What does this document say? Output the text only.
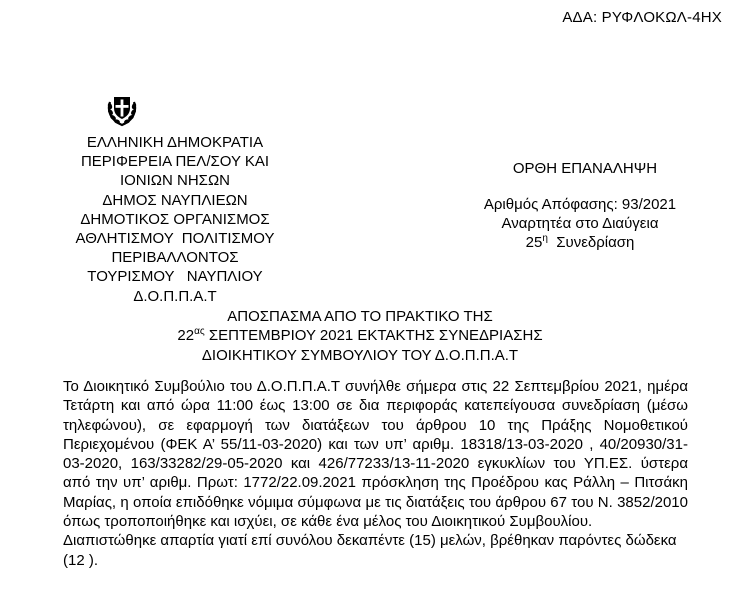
ΑΔΑ: ΡΥΦΛΟΚΩΛ-4ΗΧ
ΕΛΛΗΝΙΚΗ ΔΗΜΟΚΡΑΤΙΑ
ΠΕΡΙΦΕΡΕΙΑ ΠΕΛ/ΣΟΥ ΚΑΙ
ΙΟΝΙΩΝ ΝΗΣΩΝ
ΔΗΜΟΣ ΝΑΥΠΛΙΕΩΝ
ΔΗΜΟΤΙΚΟΣ ΟΡΓΑΝΙΣΜΟΣ
ΑΘΛΗΤΙΣΜΟΥ  ΠΟΛΙΤΙΣΜΟΥ
ΠΕΡΙΒΑΛΛΟΝΤΟΣ
ΤΟΥΡΙΣΜΟΥ   ΝΑΥΠΛΙΟΥ
Δ.Ο.Π.Π.Α.Τ
ΟΡΘΗ ΕΠΑΝΑΛΗΨΗ
Αριθμός Απόφασης: 93/2021
Αναρτητέα στο Διαύγεια
$25^\eta$ Συνεδρίαση
ΑΠΟΣΠΑΣΜΑ ΑΠΟ ΤΟ ΠΡΑΚΤΙΚΟ ΤΗΣ
$22^{\alpha\varsigma}$ ΣΕΠΤΕΜΒΡΙΟΥ 2021 ΕΚΤΑΚΤΗΣ ΣΥΝΕΔΡΙΑΣΗΣ
ΔΙΟΙΚΗΤΙΚΟΥ ΣΥΜΒΟΥΛΙΟΥ ΤΟΥ Δ.Ο.Π.Π.Α.Τ

Το Διοικητικό Συμβούλιο του Δ.Ο.Π.Π.Α.Τ συνήλθε σήμερα στις 22 Σεπτεμβρίου 2021, ημέρα Τετάρτη και από ώρα 11:00 έως 13:00 σε δια περιφοράς κατεπείγουσα συνεδρίαση (μέσω τηλεφώνου), σε εφαρμογή των διατάξεων του άρθρου 10 της Πράξης Νομοθετικού Περιεχομένου (ΦΕΚ Α’ 55/11-03-2020) και των υπ’ αριθμ. 18318/13-03-2020 , 40/20930/31-03-2020, 163/33282/29-05-2020 και 426/77233/13-11-2020 εγκυκλίων του ΥΠ.ΕΣ. ύστερα από την υπ’ αριθμ. Πρωτ: 1772/22.09.2021 πρόσκληση της Προέδρου κας Ράλλη – Πιτσάκη Μαρίας, η οποία επιδόθηκε νόμιμα σύμφωνα με τις διατάξεις του άρθρου 67 του Ν. 3852/2010 όπως τροποποιήθηκε και ισχύει, σε κάθε ένα μέλος του Διοικητικού Συμβουλίου.

Διαπιστώθηκε απαρτία γιατί επί συνόλου δεκαπέντε (15) μελών, βρέθηκαν παρόντες δώδεκα (12 ).
